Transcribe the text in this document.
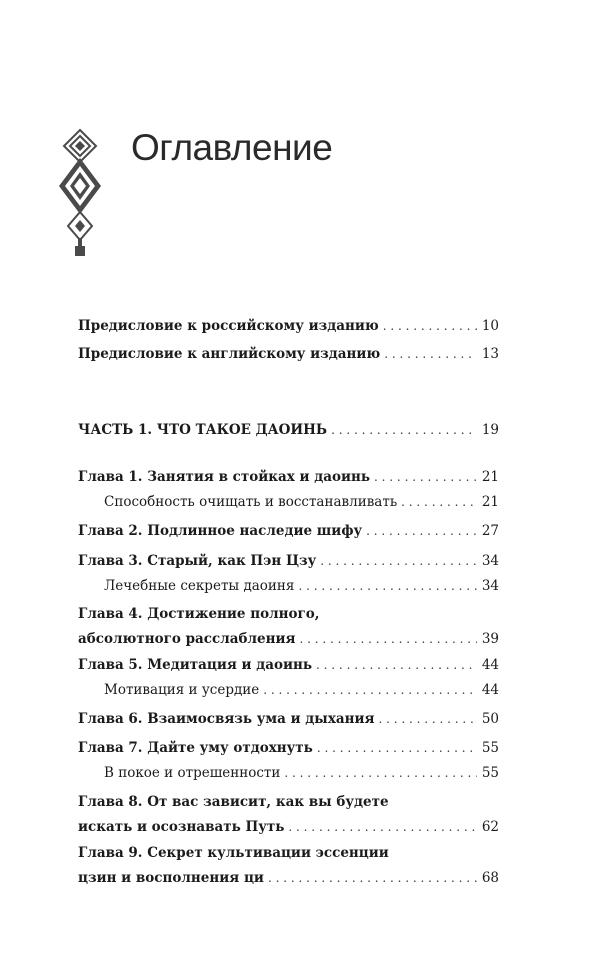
Оглавление
Предисловие к российскому изданию . . .	10
Предисловие к английскому изданию . . .	13
ЧАСТЬ 1. ЧТО ТАКОЕ ДАОИНЬ . . .	19
Глава 1. Занятия в стойках и даоинь . . .	21
Способность очищать и восстанавливать . . .	21
Глава 2. Подлинное наследие шифу . . .	27
Глава 3. Старый, как Пэн Цзу . . .	34
Лечебные секреты даоиня . . .	34
Глава 4. Достижение полного,
абсолютного расслабления . . .	39
Глава 5. Медитация и даоинь . . .	44
Мотивация и усердие . . .	44
Глава 6. Взаимосвязь ума и дыхания . . .	50
Глава 7. Дайте уму отдохнуть . . .	55
В покое и отрешенности . . .	55
Глава 8. От вас зависит, как вы будете
искать и осознавать Путь . . .	62
Глава 9. Секрет культивации эссенции
цзин и восполнения ци . . .	68
